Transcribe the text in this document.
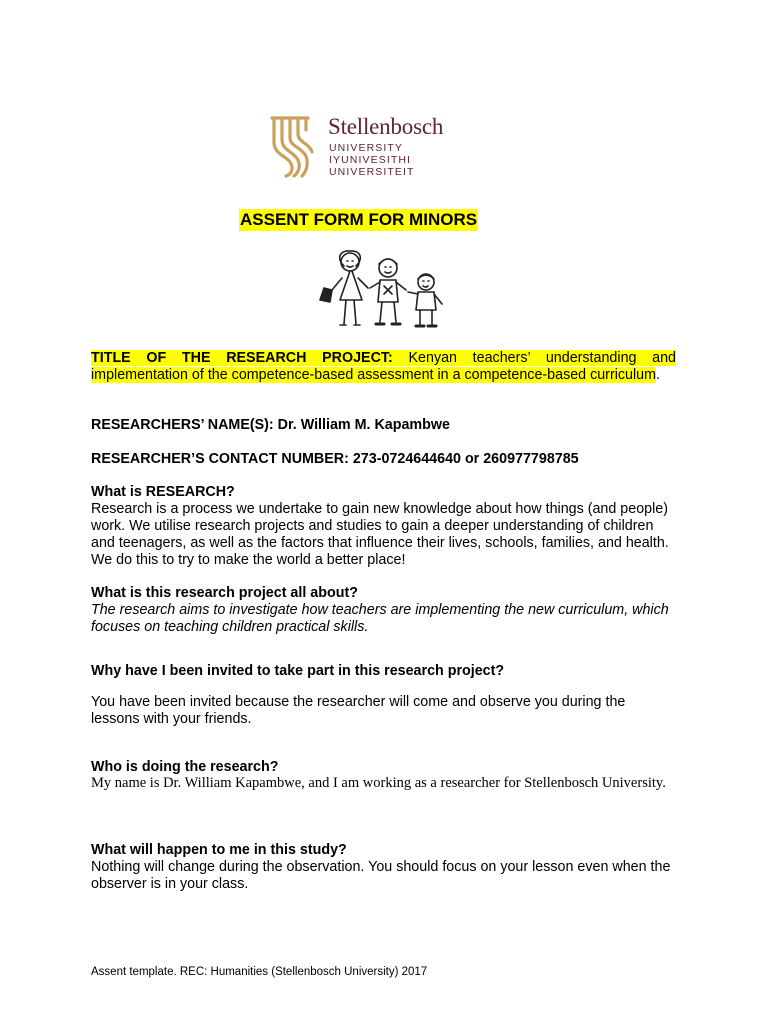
Stellenbosch
UNIVERSITY
IYUNIVESITHI
UNIVERSITEIT
ASSENT FORM FOR MINORS
TITLE OF THE RESEARCH PROJECT: Kenyan teachers’ understanding and implementation of the competence-based assessment in a competence-based curriculum.
RESEARCHERS’ NAME(S): Dr. William M. Kapambwe
RESEARCHER’S CONTACT NUMBER: 273-0724644640 or 260977798785
What is RESEARCH?
Research is a process we undertake to gain new knowledge about how things (and people) work. We utilise research projects and studies to gain a deeper understanding of children and teenagers, as well as the factors that influence their lives, schools, families, and health. We do this to try to make the world a better place!
What is this research project all about?
The research aims to investigate how teachers are implementing the new curriculum, which focuses on teaching children practical skills.
Why have I been invited to take part in this research project?
You have been invited because the researcher will come and observe you during the lessons with your friends.
Who is doing the research?
My name is Dr. William Kapambwe, and I am working as a researcher for Stellenbosch University.
What will happen to me in this study?
Nothing will change during the observation. You should focus on your lesson even when the observer is in your class.
Assent template. REC: Humanities (Stellenbosch University) 2017
